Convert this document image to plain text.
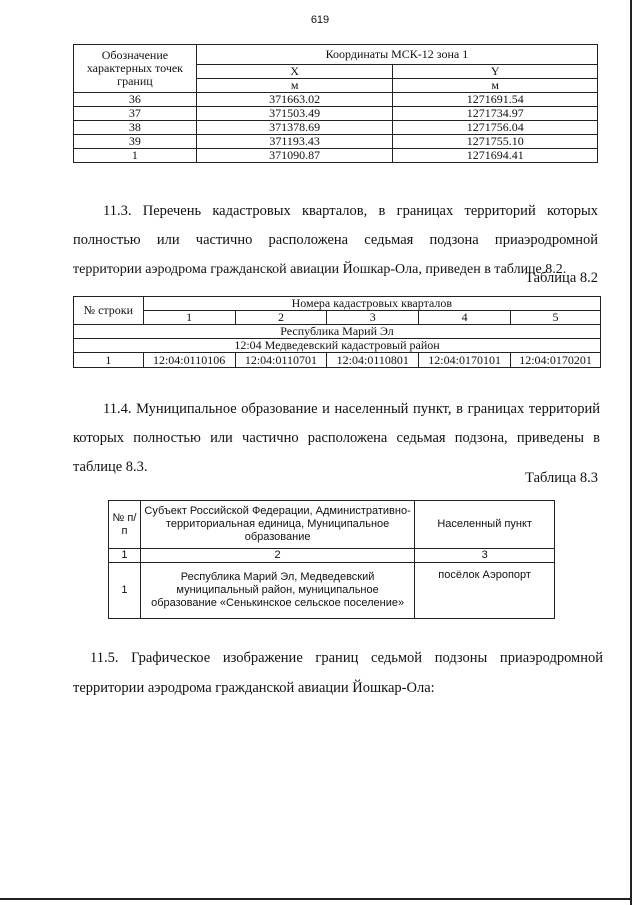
619
Обозначение характерных точек границ	Координаты МСК-12 зона 1	
	X	Y
	м	м
36	371663.02	1271691.54
37	371503.49	1271734.97
38	371378.69	1271756.04
39	371193.43	1271755.10
1	371090.87	1271694.41
11.3. Перечень кадастровых кварталов, в границах территорий которых
полностью или частично расположена седьмая подзона приаэродромной
территории аэродрома гражданской авиации Йошкар-Ола, приведен в таблице 8.2.
Таблица 8.2
№ строки	Номера кадастровых кварталов				
	1	2	3	4	5
Республика Марий Эл					
12:04 Медведевский кадастровый район					
1	12:04:0110106	12:04:0110701	12:04:0110801	12:04:0170101	12:04:0170201
11.4. Муниципальное образование и населенный пункт, в границах территорий
которых полностью или частично расположена седьмая подзона, приведены в
таблице 8.3.
Таблица 8.3
№ п/п	Субъект Российской Федерации, Административно-территориальная единица, Муниципальное образование	Населенный пункт
1	2	3
1	Республика Марий Эл, Медведевский муниципальный район, муниципальное образование «Сенькинское сельское поселение»	посёлок Аэропорт
11.5. Графическое изображение границ седьмой подзоны приаэродромной
территории аэродрома гражданской авиации Йошкар-Ола:
